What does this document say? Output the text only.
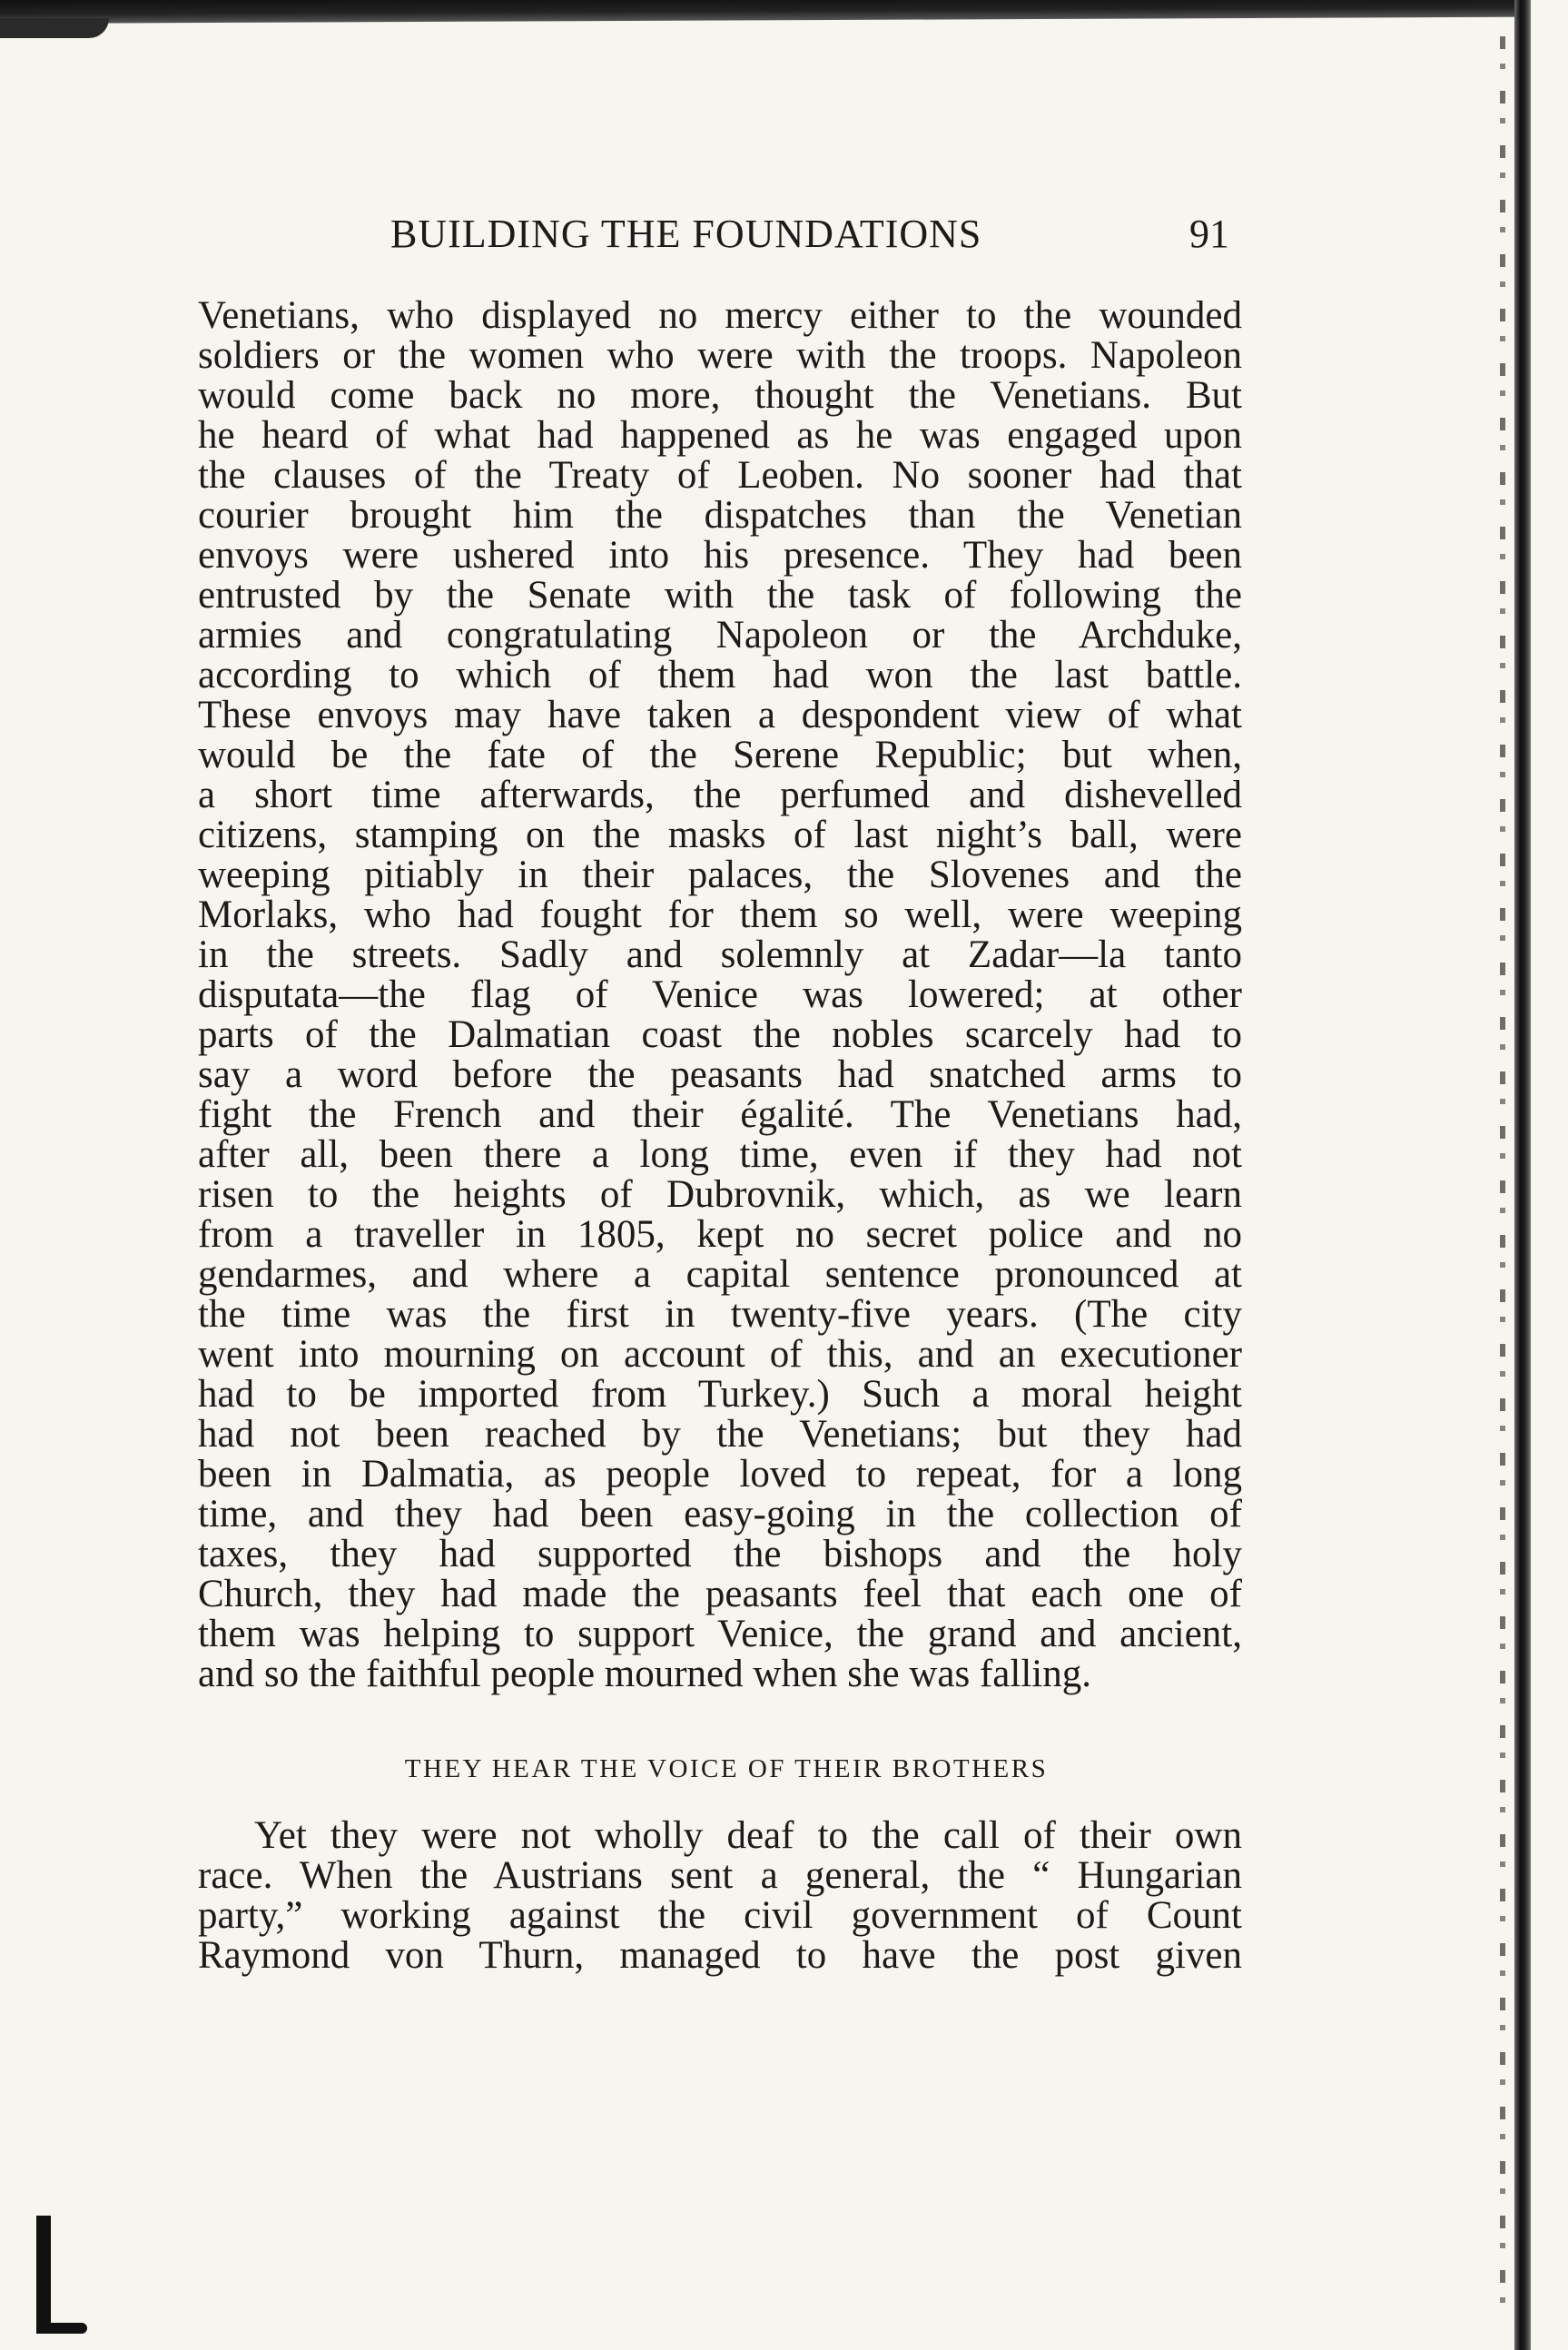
BUILDING THE FOUNDATIONS	91
Venetians, who displayed no mercy either to the wounded
soldiers or the women who were with the troops. Napoleon
would come back no more, thought the Venetians. But
he heard of what had happened as he was engaged upon
the clauses of the Treaty of Leoben. No sooner had that
courier brought him the dispatches than the Venetian
envoys were ushered into his presence. They had been
entrusted by the Senate with the task of following the
armies and congratulating Napoleon or the Archduke,
according to which of them had won the last battle.
These envoys may have taken a despondent view of what
would be the fate of the Serene Republic; but when,
a short time afterwards, the perfumed and dishevelled
citizens, stamping on the masks of last night’s ball, were
weeping pitiably in their palaces, the Slovenes and the
Morlaks, who had fought for them so well, were weeping
in the streets. Sadly and solemnly at Zadar—la tanto
disputata—the flag of Venice was lowered; at other
parts of the Dalmatian coast the nobles scarcely had to
say a word before the peasants had snatched arms to
fight the French and their égalité. The Venetians had,
after all, been there a long time, even if they had not
risen to the heights of Dubrovnik, which, as we learn
from a traveller in 1805, kept no secret police and no
gendarmes, and where a capital sentence pronounced at
the time was the first in twenty-five years. (The city
went into mourning on account of this, and an executioner
had to be imported from Turkey.) Such a moral height
had not been reached by the Venetians; but they had
been in Dalmatia, as people loved to repeat, for a long
time, and they had been easy-going in the collection of
taxes, they had supported the bishops and the holy
Church, they had made the peasants feel that each one of
them was helping to support Venice, the grand and ancient,
and so the faithful people mourned when she was falling.
THEY HEAR THE VOICE OF THEIR BROTHERS
Yet they were not wholly deaf to the call of their own
race. When the Austrians sent a general, the “ Hungarian
party,” working against the civil government of Count
Raymond von Thurn, managed to have the post given
